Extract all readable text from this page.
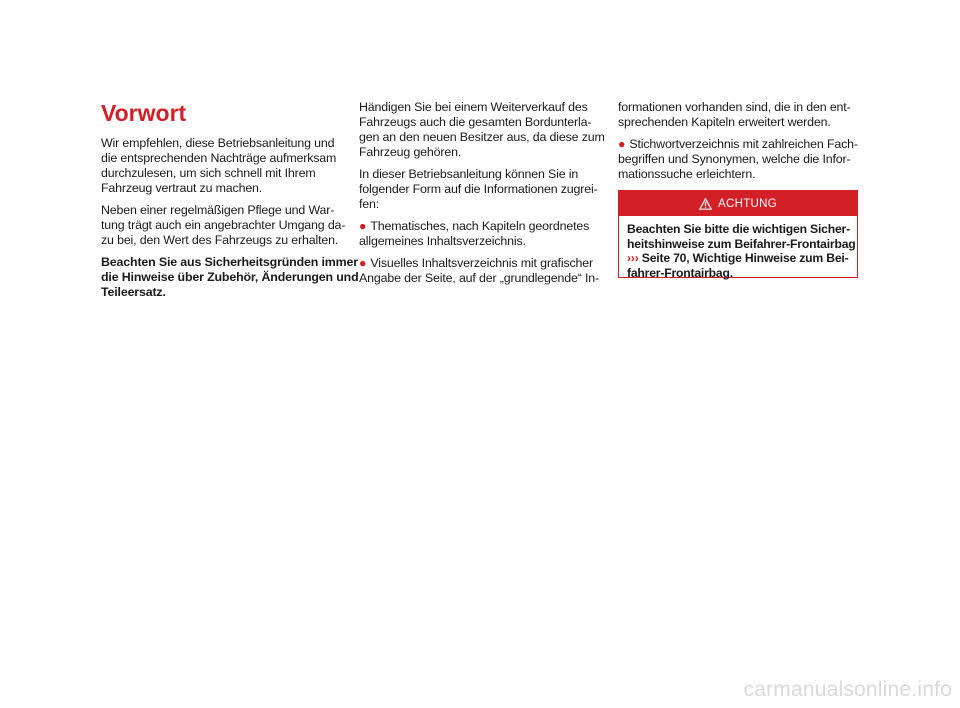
Vorwort

Wir empfehlen, diese Betriebsanleitung und
die entsprechenden Nachträge aufmerksam
durchzulesen, um sich schnell mit Ihrem
Fahrzeug vertraut zu machen.

Neben einer regelmäßigen Pflege und War-
tung trägt auch ein angebrachter Umgang da-
zu bei, den Wert des Fahrzeugs zu erhalten.

Beachten Sie aus Sicherheitsgründen immer
die Hinweise über Zubehör, Änderungen und
Teileersatz.

Händigen Sie bei einem Weiterverkauf des
Fahrzeugs auch die gesamten Bordunterla-
gen an den neuen Besitzer aus, da diese zum
Fahrzeug gehören.

In dieser Betriebsanleitung können Sie in
folgender Form auf die Informationen zugrei-
fen:

● Thematisches, nach Kapiteln geordnetes
allgemeines Inhaltsverzeichnis.
● Visuelles Inhaltsverzeichnis mit grafischer
Angabe der Seite, auf der „grundlegende“ In-

formationen vorhanden sind, die in den ent-
sprechenden Kapiteln erweitert werden.

● Stichwortverzeichnis mit zahlreichen Fach-
begriffen und Synonymen, welche die Infor-
mationssuche erleichtern.
ACHTUNG
Beachten Sie bitte die wichtigen Sicher-
heitshinweise zum Beifahrer-Frontairbag
››› Seite 70, Wichtige Hinweise zum Bei-
fahrer-Frontairbag.
carmanualsonline.info
